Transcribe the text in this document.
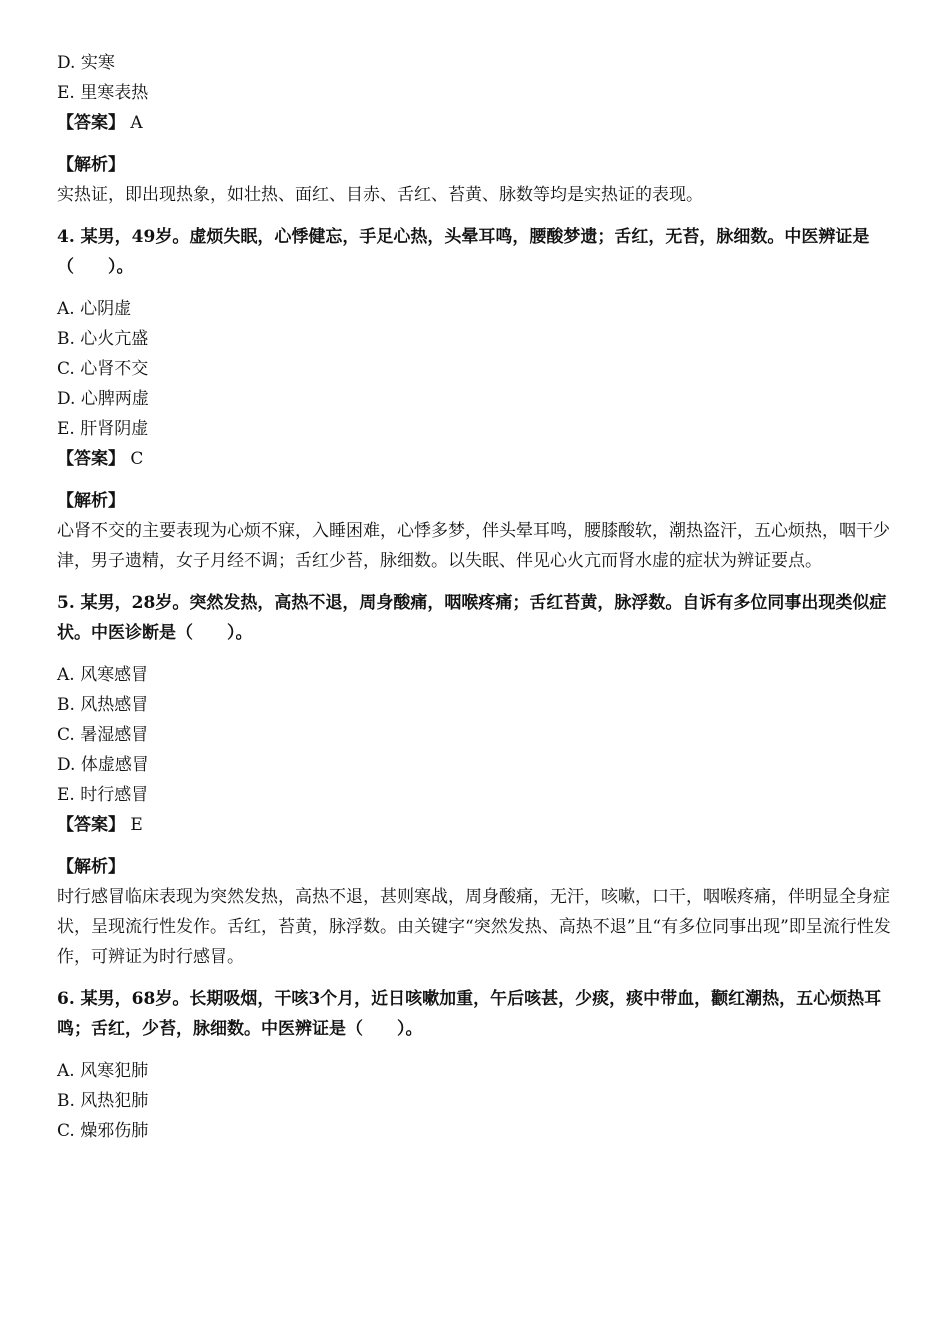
D. 实寒
E. 里寒表热
【答案】 A
【解析】
实热证，即出现热象，如壮热、面红、目赤、舌红、苔黄、脉数等均是实热证的表现。
4. 某男，49岁。虚烦失眠，心悸健忘，手足心热，头晕耳鸣，腰酸梦遗；舌红，无苔，脉细数。中医辨证是（　　）。
A. 心阴虚
B. 心火亢盛
C. 心肾不交
D. 心脾两虚
E. 肝肾阴虚
【答案】 C
【解析】
心肾不交的主要表现为心烦不寐，入睡困难，心悸多梦，伴头晕耳鸣，腰膝酸软，潮热盗汗，五心烦热，咽干少津，男子遗精，女子月经不调；舌红少苔，脉细数。以失眠、伴见心火亢而肾水虚的症状为辨证要点。
5. 某男，28岁。突然发热，高热不退，周身酸痛，咽喉疼痛；舌红苔黄，脉浮数。自诉有多位同事出现类似症状。中医诊断是（　　）。
A. 风寒感冒
B. 风热感冒
C. 暑湿感冒
D. 体虚感冒
E. 时行感冒
【答案】 E
【解析】
时行感冒临床表现为突然发热，高热不退，甚则寒战，周身酸痛，无汗，咳嗽，口干，咽喉疼痛，伴明显全身症状，呈现流行性发作。舌红，苔黄，脉浮数。由关键字“突然发热、高热不退”且“有多位同事出现”即呈流行性发作，可辨证为时行感冒。
6. 某男，68岁。长期吸烟，干咳3个月，近日咳嗽加重，午后咳甚，少痰，痰中带血，颧红潮热，五心烦热耳鸣；舌红，少苔，脉细数。中医辨证是（　　）。
A. 风寒犯肺
B. 风热犯肺
C. 燥邪伤肺
